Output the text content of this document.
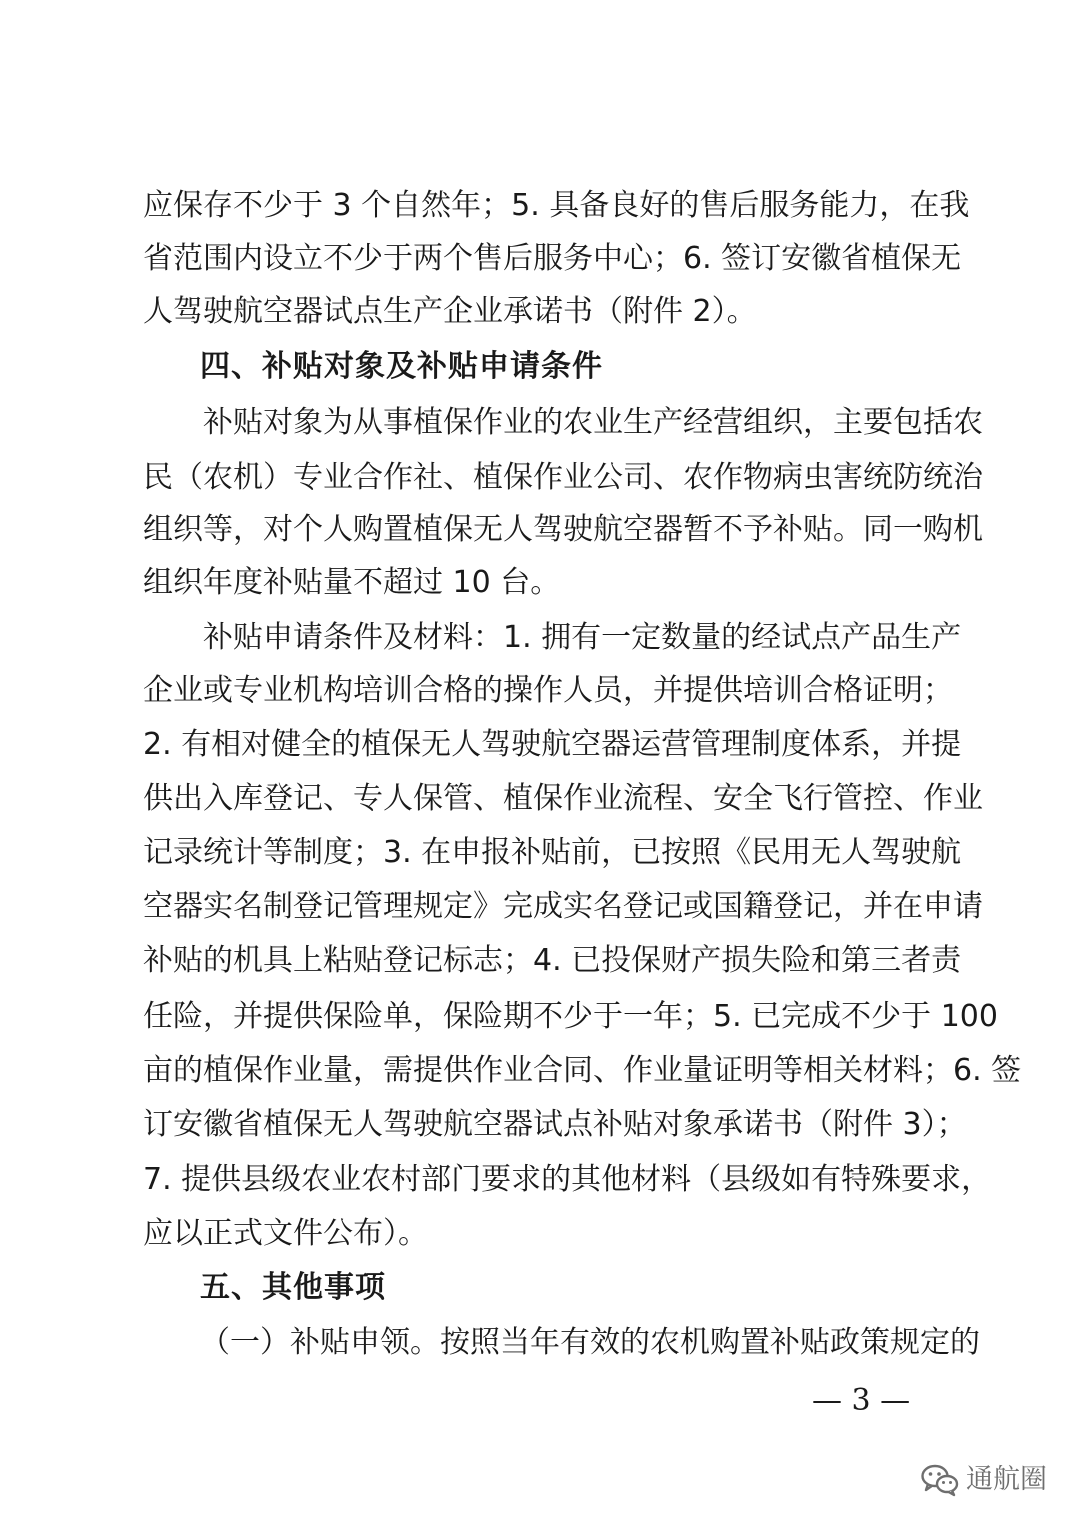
应保存不少于 3 个自然年；5. 具备良好的售后服务能力，在我
省范围内设立不少于两个售后服务中心；6. 签订安徽省植保无
人驾驶航空器试点生产企业承诺书（附件 2）。
四、补贴对象及补贴申请条件
补贴对象为从事植保作业的农业生产经营组织，主要包括农
民（农机）专业合作社、植保作业公司、农作物病虫害统防统治
组织等，对个人购置植保无人驾驶航空器暂不予补贴。同一购机
组织年度补贴量不超过 10 台。
补贴申请条件及材料：1. 拥有一定数量的经试点产品生产
企业或专业机构培训合格的操作人员，并提供培训合格证明；
2. 有相对健全的植保无人驾驶航空器运营管理制度体系，并提
供出入库登记、专人保管、植保作业流程、安全飞行管控、作业
记录统计等制度；3. 在申报补贴前，已按照《民用无人驾驶航
空器实名制登记管理规定》完成实名登记或国籍登记，并在申请
补贴的机具上粘贴登记标志；4. 已投保财产损失险和第三者责
任险，并提供保险单，保险期不少于一年；5. 已完成不少于 100
亩的植保作业量，需提供作业合同、作业量证明等相关材料；6. 签
订安徽省植保无人驾驶航空器试点补贴对象承诺书（附件 3）；
7. 提供县级农业农村部门要求的其他材料（县级如有特殊要求，
应以正式文件公布）。
五、其他事项
（一）补贴申领。按照当年有效的农机购置补贴政策规定的
— 3 —
通航圈
